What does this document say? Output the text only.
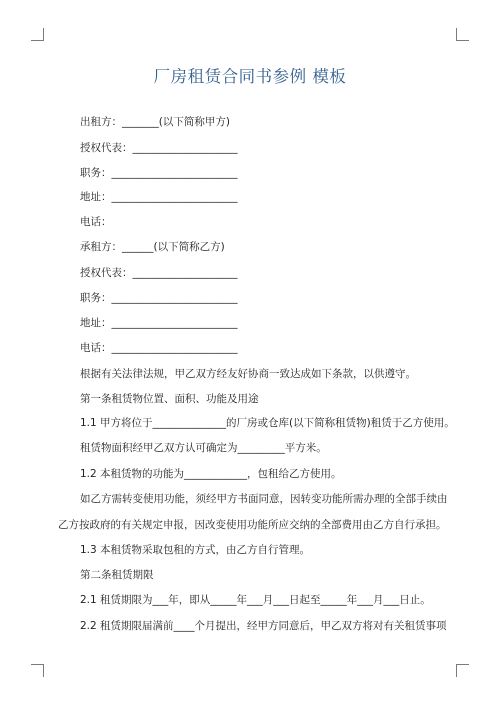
厂房租赁合同书参例 模板
出租方：_______(以下简称甲方)
授权代表：____________________
职务：________________________
地址：________________________
电话：
承租方：______(以下简称乙方)
授权代表：____________________
职务：________________________
地址：________________________
电话：________________________
根据有关法律法规，甲乙双方经友好协商一致达成如下条款，以供遵守。
第一条租赁物位置、面积、功能及用途
1.1 甲方将位于______________的厂房或仓库(以下简称租赁物)租赁于乙方使用。
租赁物面积经甲乙双方认可确定为_________平方米。
1.2 本租赁物的功能为____________，包租给乙方使用。
如乙方需转变使用功能，须经甲方书面同意，因转变功能所需办理的全部手续由
乙方按政府的有关规定申报，因改变使用功能所应交纳的全部费用由乙方自行承担。
1.3 本租赁物采取包租的方式，由乙方自行管理。
第二条租赁期限
2.1 租赁期限为___年，即从_____年___月___日起至_____年___月___日止。
2.2 租赁期限届满前____个月提出，经甲方同意后，甲乙双方将对有关租赁事项
